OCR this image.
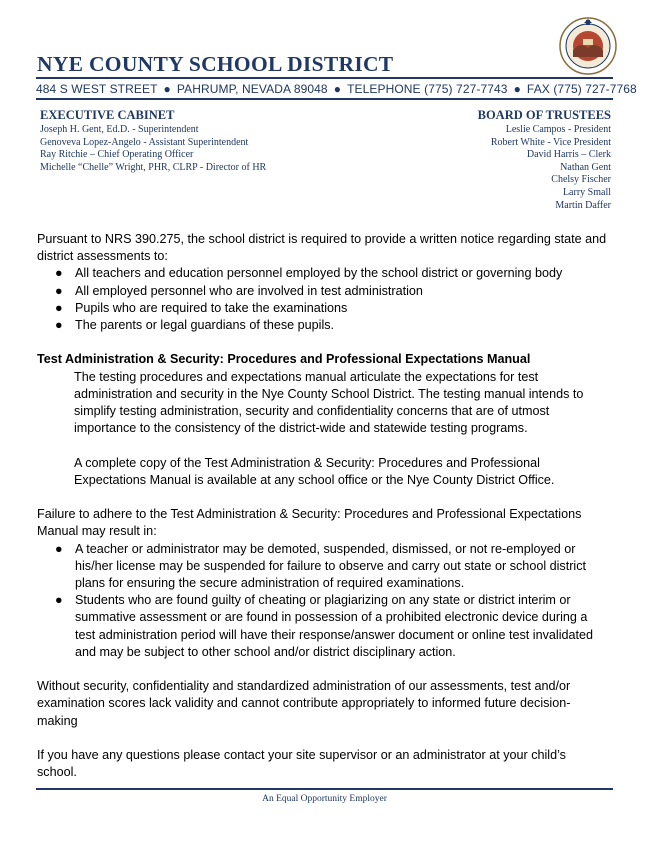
NYE COUNTY SCHOOL DISTRICT
484 S WEST STREET ● PAHRUMP, NEVADA 89048 ● TELEPHONE (775) 727-7743 ● FAX (775) 727-7768
EXECUTIVE CABINET
Joseph H. Gent, Ed.D. - Superintendent
Genoveva Lopez-Angelo - Assistant Superintendent
Ray Ritchie – Chief Operating Officer
Michelle “Chelle” Wright, PHR, CLRP - Director of HR
BOARD OF TRUSTEES
Leslie Campos - President
Robert White - Vice President
David Harris – Clerk
Nathan Gent
Chelsy Fischer
Larry Small
Martin Daffer

Pursuant to NRS 390.275, the school district is required to provide a written notice regarding state and district assessments to:

● All teachers and education personnel employed by the school district or governing body
● All employed personnel who are involved in test administration
● Pupils who are required to take the examinations
● The parents or legal guardians of these pupils.

Test Administration & Security: Procedures and Professional Expectations Manual

The testing procedures and expectations manual articulate the expectations for test administration and security in the Nye County School District. The testing manual intends to simplify testing administration, security and confidentiality concerns that are of utmost importance to the consistency of the district-wide and statewide testing programs.

A complete copy of the Test Administration & Security: Procedures and Professional Expectations Manual is available at any school office or the Nye County District Office.

Failure to adhere to the Test Administration & Security: Procedures and Professional Expectations Manual may result in:

● A teacher or administrator may be demoted, suspended, dismissed, or not re-employed or his/her license may be suspended for failure to observe and carry out state or school district plans for ensuring the secure administration of required examinations.
● Students who are found guilty of cheating or plagiarizing on any state or district interim or summative assessment or are found in possession of a prohibited electronic device during a test administration period will have their response/answer document or online test invalidated and may be subject to other school and/or district disciplinary action.

Without security, confidentiality and standardized administration of our assessments, test and/or examination scores lack validity and cannot contribute appropriately to informed future decision-making

If you have any questions please contact your site supervisor or an administrator at your child’s school.

An Equal Opportunity Employer
